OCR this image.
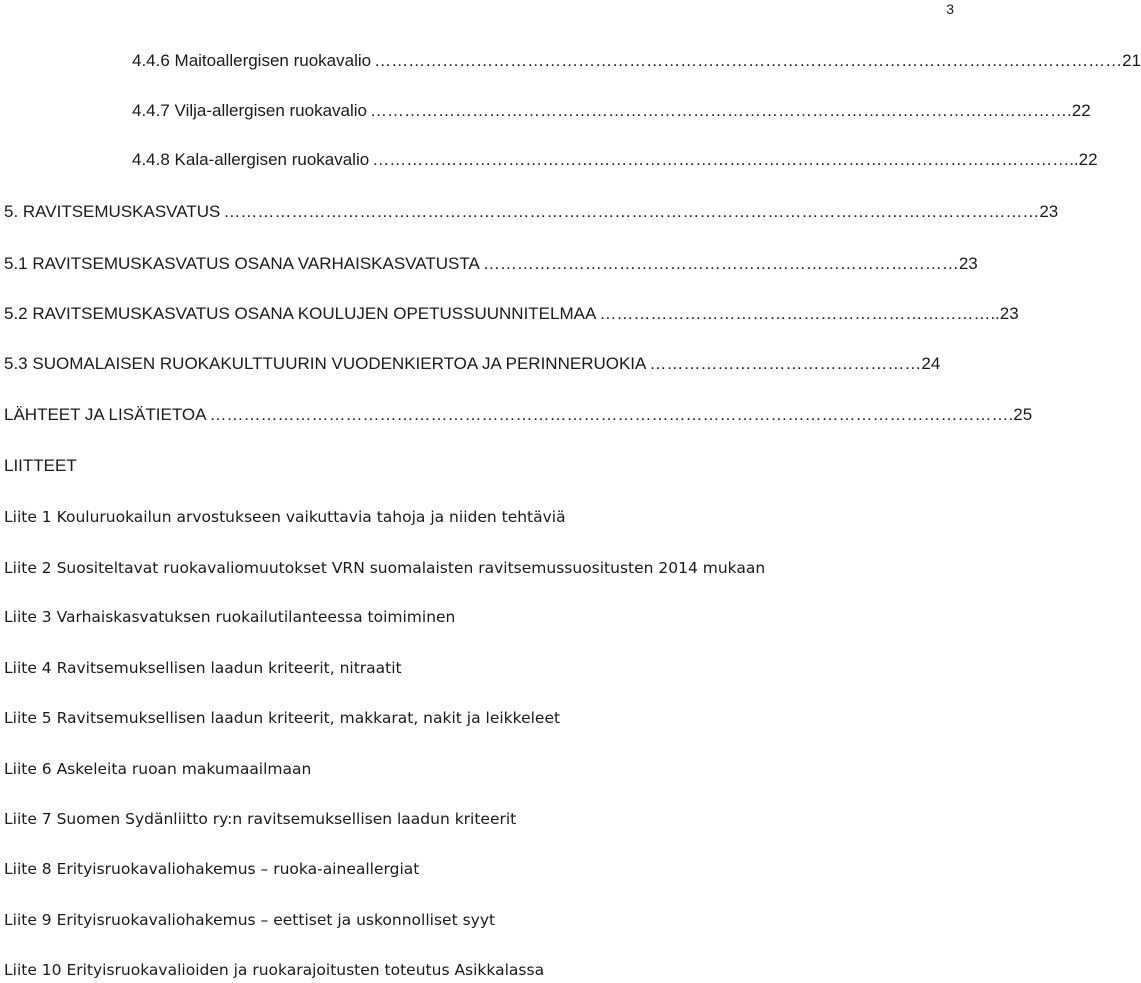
3
4.4.6 Maitoallergisen ruokavalio …………………………………………………………………………………………………………………… 21
4.4.7 Vilja-allergisen ruokavalio ……………………………………………………………………………………………………………. 22
4.4.8 Kala-allergisen ruokavalio …………………………………………………………………………………………………………….. 22
5. RAVITSEMUSKASVATUS ……………………………………………………………………………………………………………………………… 23
5.1 RAVITSEMUSKASVATUS OSANA VARHAISKASVATUSTA ………………………………………………………………………… 23
5.2 RAVITSEMUSKASVATUS OSANA KOULUJEN OPETUSSUUNNITELMAA …………………………………………………………….. 23
5.3 SUOMALAISEN RUOKAKULTTUURIN VUODENKIERTOA JA PERINNERUOKIA ………………………………………… 24
LÄHTEET JA LISÄTIETOA ……………………………………………………………………………………………………………………………. 25
LIITTEET
Liite 1 Kouluruokailun arvostukseen vaikuttavia tahoja ja niiden tehtäviä
Liite 2 Suositeltavat ruokavaliomuutokset VRN suomalaisten ravitsemussuositusten 2014 mukaan
Liite 3 Varhaiskasvatuksen ruokailutilanteessa toimiminen
Liite 4 Ravitsemuksellisen laadun kriteerit, nitraatit
Liite 5 Ravitsemuksellisen laadun kriteerit, makkarat, nakit ja leikkeleet
Liite 6 Askeleita ruoan makumaailmaan
Liite 7 Suomen Sydänliitto ry:n ravitsemuksellisen laadun kriteerit
Liite 8 Erityisruokavaliohakemus – ruoka-aineallergiat
Liite 9 Erityisruokavaliohakemus – eettiset ja uskonnolliset syyt
Liite 10 Erityisruokavalioiden ja ruokarajoitusten toteutus Asikkalassa
